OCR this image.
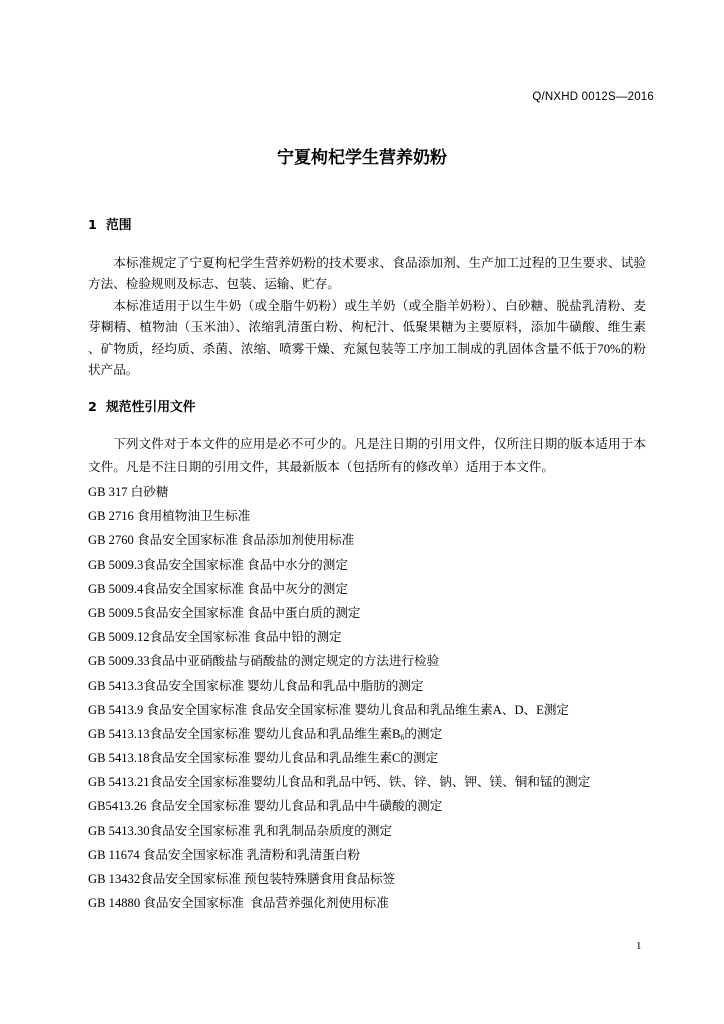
Q/NXHD 0012S—2016
宁夏枸杞学生营养奶粉
1 范围
本标准规定了宁夏枸杞学生营养奶粉的技术要求、食品添加剂、生产加工过程的卫生要求、试验
方法、检验规则及标志、包装、运输、贮存。
本标准适用于以生牛奶（或全脂牛奶粉）或生羊奶（或全脂羊奶粉）、白砂糖、脱盐乳清粉、麦
芽糊精、植物油（玉米油）、浓缩乳清蛋白粉、枸杞汁、低聚果糖为主要原料，添加牛磺酸、维生素
、矿物质，经均质、杀菌、浓缩、喷雾干燥、充氮包装等工序加工制成的乳固体含量不低于70%的粉
状产品。
2 规范性引用文件
下列文件对于本文件的应用是必不可少的。凡是注日期的引用文件，仅所注日期的版本适用于本
文件。凡是不注日期的引用文件，其最新版本（包括所有的修改单）适用于本文件。
GB 317 白砂糖
GB 2716 食用植物油卫生标准
GB 2760 食品安全国家标准 食品添加剂使用标准
GB 5009.3食品安全国家标准 食品中水分的测定
GB 5009.4食品安全国家标准 食品中灰分的测定
GB 5009.5食品安全国家标准 食品中蛋白质的测定
GB 5009.12食品安全国家标准 食品中铅的测定
GB 5009.33食品中亚硝酸盐与硝酸盐的测定规定的方法进行检验
GB 5413.3食品安全国家标准 婴幼儿食品和乳品中脂肪的测定
GB 5413.9 食品安全国家标准 食品安全国家标准 婴幼儿食品和乳品维生素A、D、E测定
GB 5413.13食品安全国家标准 婴幼儿食品和乳品维生素$B_6$的测定
GB 5413.18食品安全国家标准 婴幼儿食品和乳品维生素C的测定
GB 5413.21食品安全国家标准婴幼儿食品和乳品中钙、铁、锌、钠、钾、镁、铜和锰的测定
GB5413.26 食品安全国家标准 婴幼儿食品和乳品中牛磺酸的测定
GB 5413.30食品安全国家标准 乳和乳制品杂质度的测定
GB 11674 食品安全国家标准 乳清粉和乳清蛋白粉
GB 13432食品安全国家标准 预包装特殊膳食用食品标签
GB 14880 食品安全国家标准  食品营养强化剂使用标准
1
